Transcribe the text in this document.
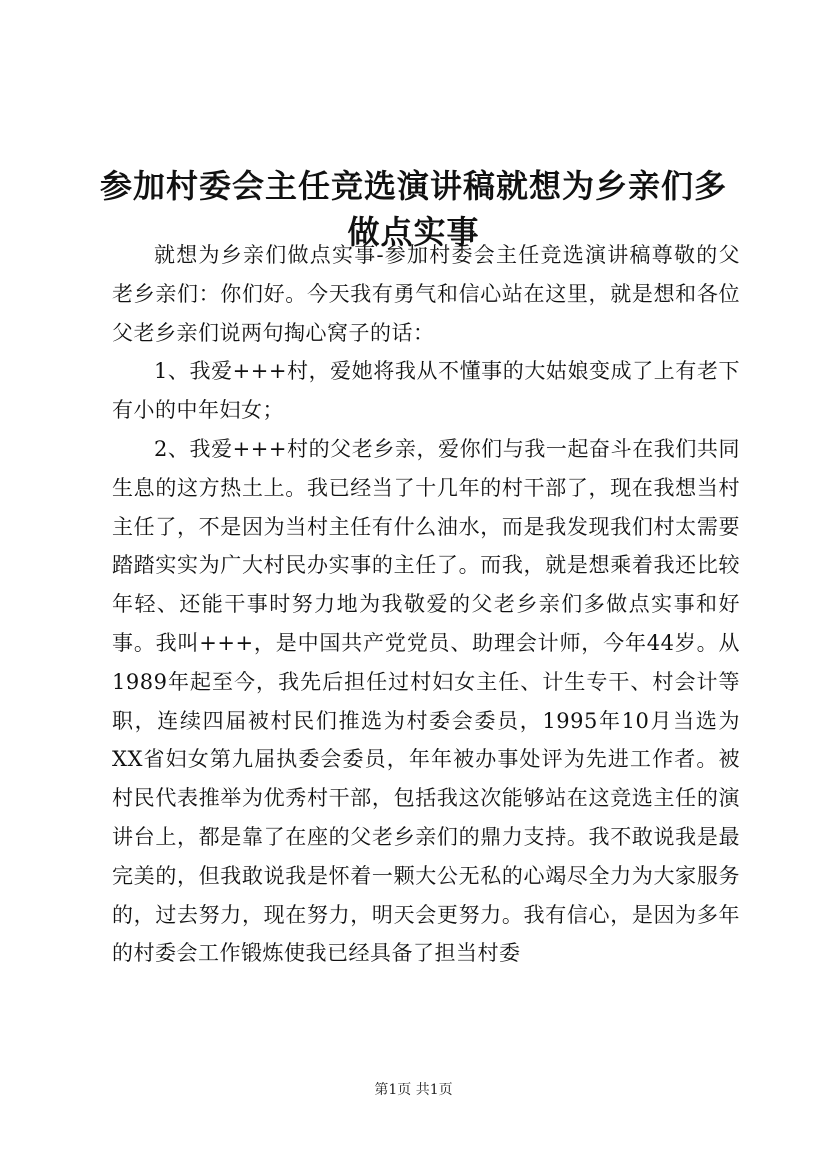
参加村委会主任竞选演讲稿就想为乡亲们多做点实事

就想为乡亲们做点实事-参加村委会主任竞选演讲稿尊敬的父老乡亲们：你们好。今天我有勇气和信心站在这里，就是想和各位父老乡亲们说两句掏心窝子的话：

1、我爱+++村，爱她将我从不懂事的大姑娘变成了上有老下有小的中年妇女；

2、我爱+++村的父老乡亲，爱你们与我一起奋斗在我们共同生息的这方热土上。我已经当了十几年的村干部了，现在我想当村主任了，不是因为当村主任有什么油水，而是我发现我们村太需要踏踏实实为广大村民办实事的主任了。而我，就是想乘着我还比较年轻、还能干事时努力地为我敬爱的父老乡亲们多做点实事和好事。我叫+++，是中国共产党党员、助理会计师，今年44岁。从1989年起至今，我先后担任过村妇女主任、计生专干、村会计等职，连续四届被村民们推选为村委会委员，1995年10月当选为XX省妇女第九届执委会委员，年年被办事处评为先进工作者。被村民代表推举为优秀村干部，包括我这次能够站在这竞选主任的演讲台上，都是靠了在座的父老乡亲们的鼎力支持。我不敢说我是最完美的，但我敢说我是怀着一颗大公无私的心竭尽全力为大家服务的，过去努力，现在努力，明天会更努力。我有信心，是因为多年的村委会工作锻炼使我已经具备了担当村委

第1页 共1页
